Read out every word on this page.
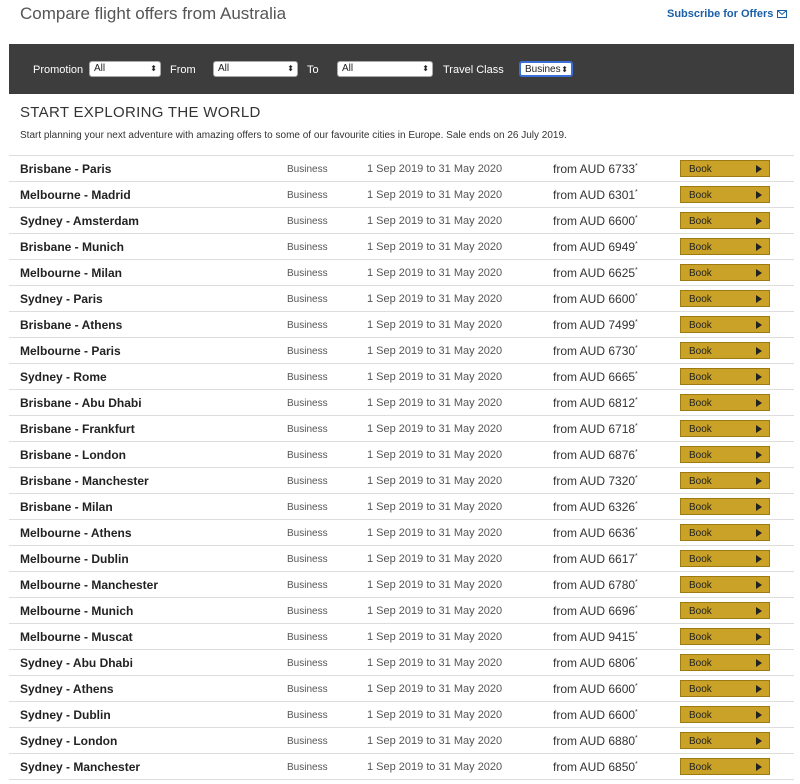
Compare flight offers from Australia	Subscribe for Offers
Promotion	All	⬍ From	All	⬍ To	All	⬍ Travel Class	Busines ⬍
START EXPLORING THE WORLD

Start planning your next adventure with amazing offers to some of our favourite cities in Europe. Sale ends on 26 July 2019.

Brisbane - Paris	Business	1 Sep 2019 to 31 May 2020	from AUD 6733*	Book
Melbourne - Madrid	Business	1 Sep 2019 to 31 May 2020	from AUD 6301*	Book
Sydney - Amsterdam	Business	1 Sep 2019 to 31 May 2020	from AUD 6600*	Book
Brisbane - Munich	Business	1 Sep 2019 to 31 May 2020	from AUD 6949*	Book
Melbourne - Milan	Business	1 Sep 2019 to 31 May 2020	from AUD 6625*	Book
Sydney - Paris	Business	1 Sep 2019 to 31 May 2020	from AUD 6600*	Book
Brisbane - Athens	Business	1 Sep 2019 to 31 May 2020	from AUD 7499*	Book
Melbourne - Paris	Business	1 Sep 2019 to 31 May 2020	from AUD 6730*	Book
Sydney - Rome	Business	1 Sep 2019 to 31 May 2020	from AUD 6665*	Book
Brisbane - Abu Dhabi	Business	1 Sep 2019 to 31 May 2020	from AUD 6812*	Book
Brisbane - Frankfurt	Business	1 Sep 2019 to 31 May 2020	from AUD 6718*	Book
Brisbane - London	Business	1 Sep 2019 to 31 May 2020	from AUD 6876*	Book
Brisbane - Manchester	Business	1 Sep 2019 to 31 May 2020	from AUD 7320*	Book
Brisbane - Milan	Business	1 Sep 2019 to 31 May 2020	from AUD 6326*	Book
Melbourne - Athens	Business	1 Sep 2019 to 31 May 2020	from AUD 6636*	Book
Melbourne - Dublin	Business	1 Sep 2019 to 31 May 2020	from AUD 6617*	Book
Melbourne - Manchester	Business	1 Sep 2019 to 31 May 2020	from AUD 6780*	Book
Melbourne - Munich	Business	1 Sep 2019 to 31 May 2020	from AUD 6696*	Book
Melbourne - Muscat	Business	1 Sep 2019 to 31 May 2020	from AUD 9415*	Book
Sydney - Abu Dhabi	Business	1 Sep 2019 to 31 May 2020	from AUD 6806*	Book
Sydney - Athens	Business	1 Sep 2019 to 31 May 2020	from AUD 6600*	Book
Sydney - Dublin	Business	1 Sep 2019 to 31 May 2020	from AUD 6600*	Book
Sydney - London	Business	1 Sep 2019 to 31 May 2020	from AUD 6880*	Book
Sydney - Manchester	Business	1 Sep 2019 to 31 May 2020	from AUD 6850*	Book
